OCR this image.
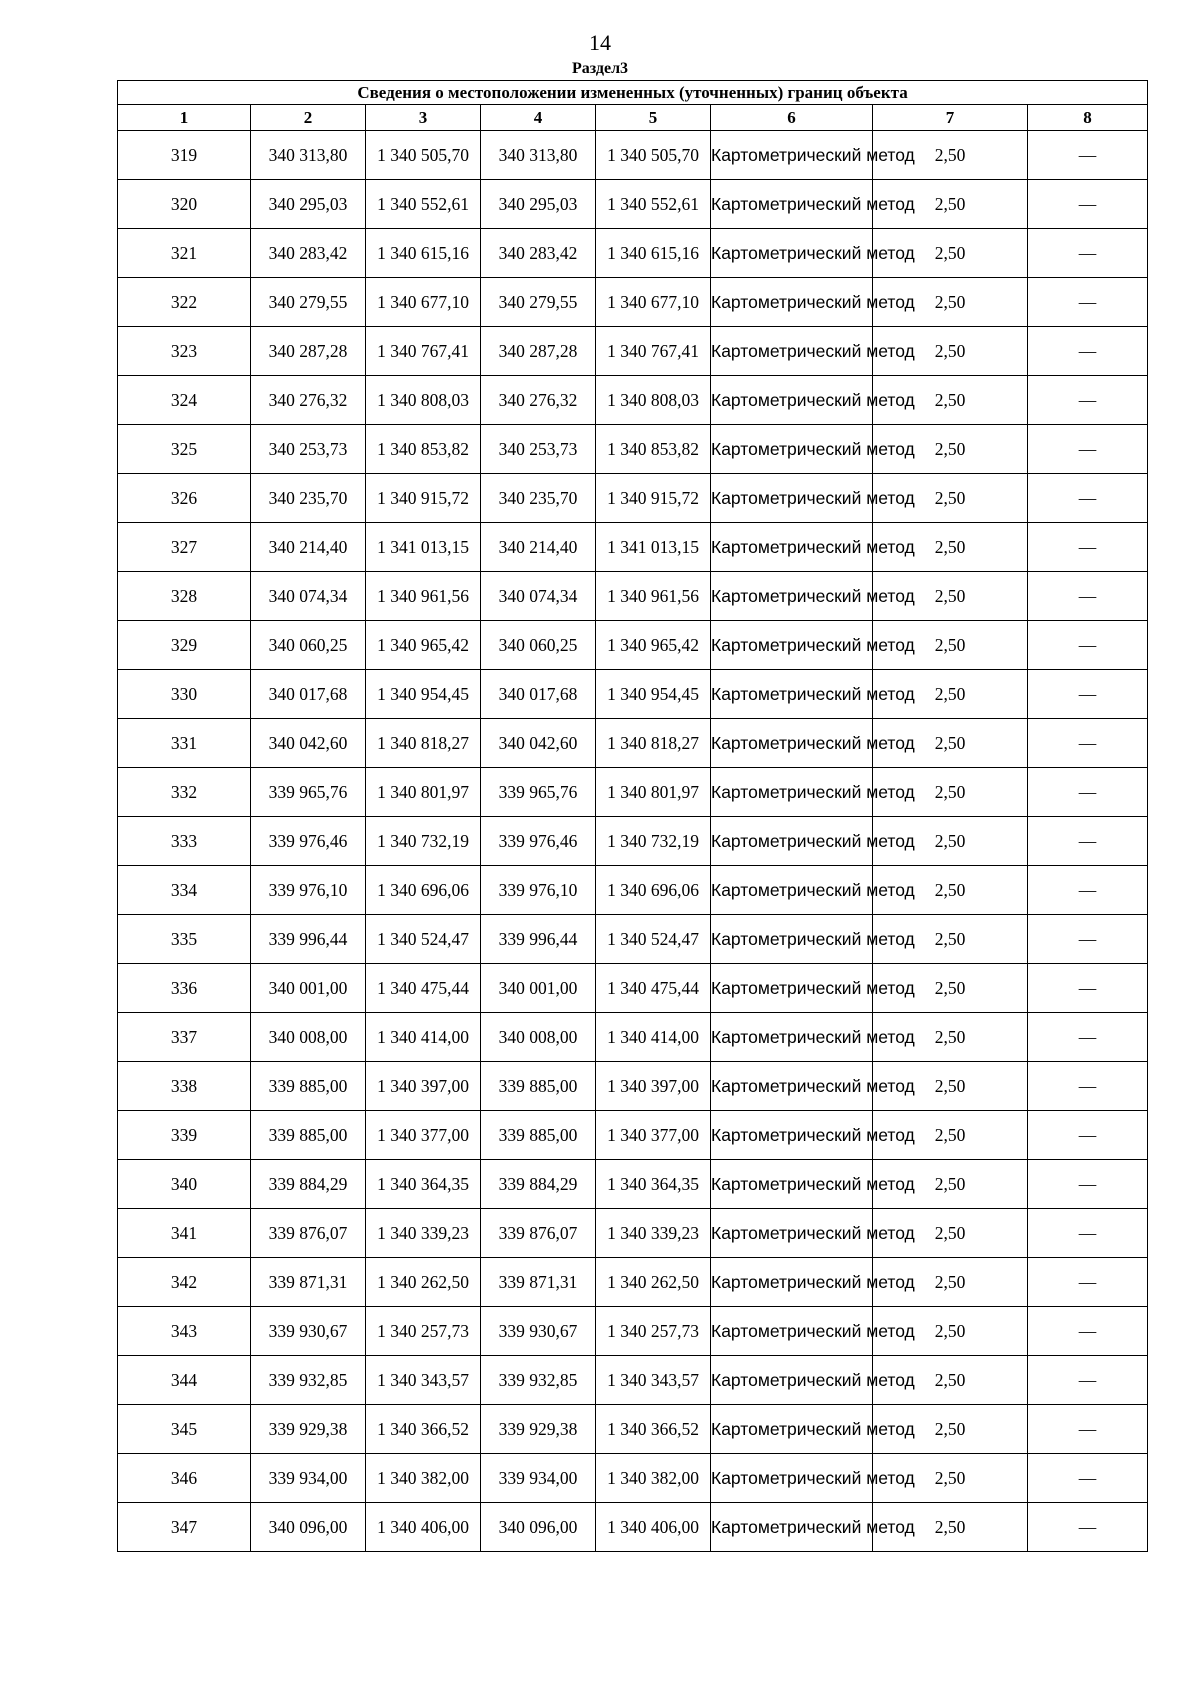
14
Раздел3
Сведения о местоположении измененных (уточненных) границ объекта							
1	2	3	4	5	6	7	8
319	340 313,80	1 340 505,70	340 313,80	1 340 505,70	Картометрический метод	2,50	—
320	340 295,03	1 340 552,61	340 295,03	1 340 552,61	Картометрический метод	2,50	—
321	340 283,42	1 340 615,16	340 283,42	1 340 615,16	Картометрический метод	2,50	—
322	340 279,55	1 340 677,10	340 279,55	1 340 677,10	Картометрический метод	2,50	—
323	340 287,28	1 340 767,41	340 287,28	1 340 767,41	Картометрический метод	2,50	—
324	340 276,32	1 340 808,03	340 276,32	1 340 808,03	Картометрический метод	2,50	—
325	340 253,73	1 340 853,82	340 253,73	1 340 853,82	Картометрический метод	2,50	—
326	340 235,70	1 340 915,72	340 235,70	1 340 915,72	Картометрический метод	2,50	—
327	340 214,40	1 341 013,15	340 214,40	1 341 013,15	Картометрический метод	2,50	—
328	340 074,34	1 340 961,56	340 074,34	1 340 961,56	Картометрический метод	2,50	—
329	340 060,25	1 340 965,42	340 060,25	1 340 965,42	Картометрический метод	2,50	—
330	340 017,68	1 340 954,45	340 017,68	1 340 954,45	Картометрический метод	2,50	—
331	340 042,60	1 340 818,27	340 042,60	1 340 818,27	Картометрический метод	2,50	—
332	339 965,76	1 340 801,97	339 965,76	1 340 801,97	Картометрический метод	2,50	—
333	339 976,46	1 340 732,19	339 976,46	1 340 732,19	Картометрический метод	2,50	—
334	339 976,10	1 340 696,06	339 976,10	1 340 696,06	Картометрический метод	2,50	—
335	339 996,44	1 340 524,47	339 996,44	1 340 524,47	Картометрический метод	2,50	—
336	340 001,00	1 340 475,44	340 001,00	1 340 475,44	Картометрический метод	2,50	—
337	340 008,00	1 340 414,00	340 008,00	1 340 414,00	Картометрический метод	2,50	—
338	339 885,00	1 340 397,00	339 885,00	1 340 397,00	Картометрический метод	2,50	—
339	339 885,00	1 340 377,00	339 885,00	1 340 377,00	Картометрический метод	2,50	—
340	339 884,29	1 340 364,35	339 884,29	1 340 364,35	Картометрический метод	2,50	—
341	339 876,07	1 340 339,23	339 876,07	1 340 339,23	Картометрический метод	2,50	—
342	339 871,31	1 340 262,50	339 871,31	1 340 262,50	Картометрический метод	2,50	—
343	339 930,67	1 340 257,73	339 930,67	1 340 257,73	Картометрический метод	2,50	—
344	339 932,85	1 340 343,57	339 932,85	1 340 343,57	Картометрический метод	2,50	—
345	339 929,38	1 340 366,52	339 929,38	1 340 366,52	Картометрический метод	2,50	—
346	339 934,00	1 340 382,00	339 934,00	1 340 382,00	Картометрический метод	2,50	—
347	340 096,00	1 340 406,00	340 096,00	1 340 406,00	Картометрический метод	2,50	—
